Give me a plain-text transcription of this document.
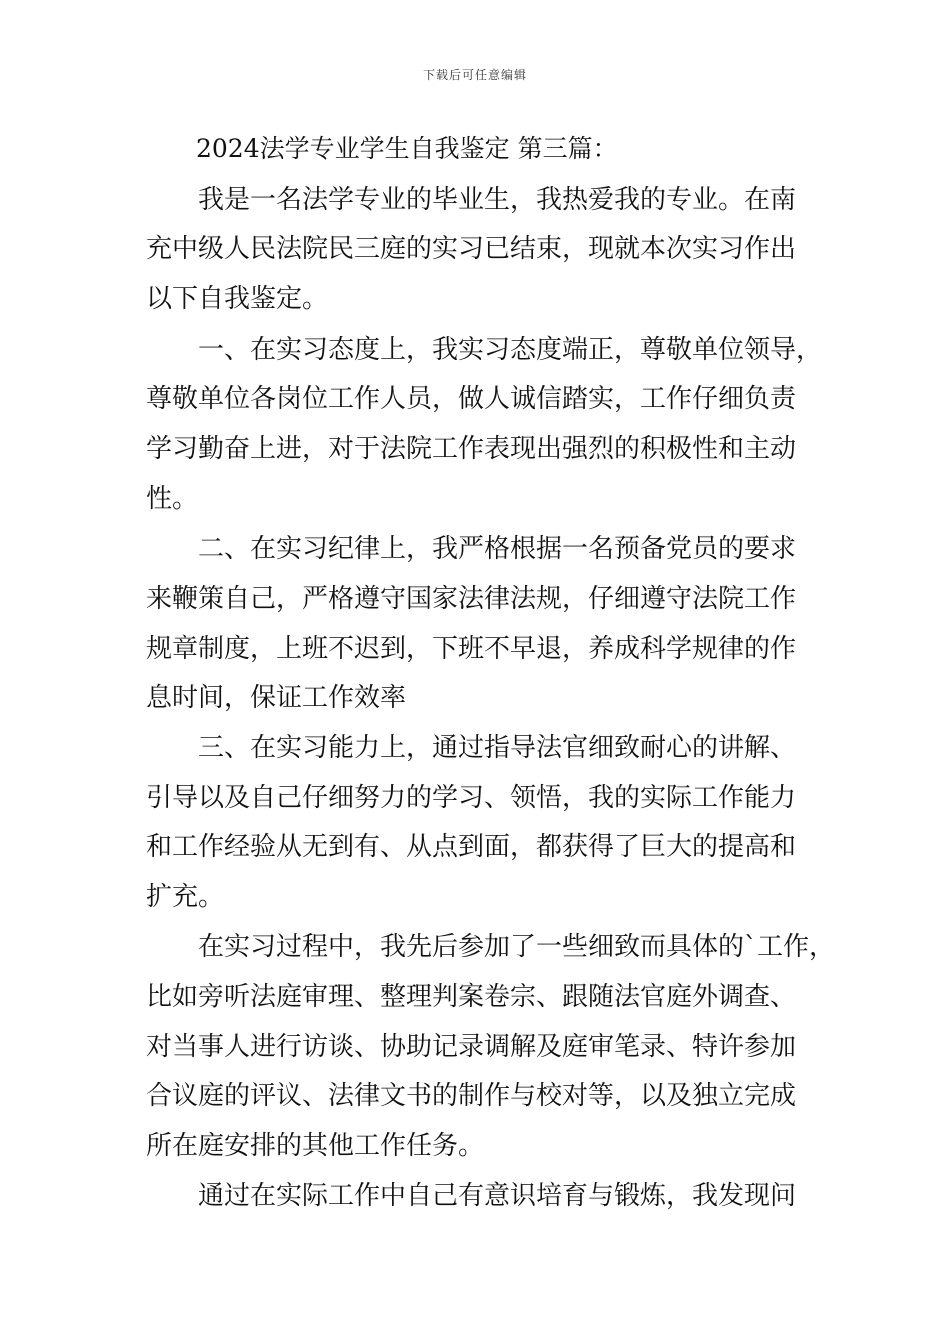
下载后可任意编辑
2024法学专业学生自我鉴定 第三篇：
我是一名法学专业的毕业生，我热爱我的专业。在南
充中级人民法院民三庭的实习已结束，现就本次实习作出
以下自我鉴定。
一、在实习态度上，我实习态度端正，尊敬单位领导，
尊敬单位各岗位工作人员，做人诚信踏实，工作仔细负责
学习勤奋上进，对于法院工作表现出强烈的积极性和主动
性。
二、在实习纪律上，我严格根据一名预备党员的要求
来鞭策自己，严格遵守国家法律法规，仔细遵守法院工作
规章制度，上班不迟到，下班不早退，养成科学规律的作
息时间，保证工作效率
三、在实习能力上，通过指导法官细致耐心的讲解、
引导以及自己仔细努力的学习、领悟，我的实际工作能力
和工作经验从无到有、从点到面，都获得了巨大的提高和
扩充。
在实习过程中，我先后参加了一些细致而具体的`工作，
比如旁听法庭审理、整理判案卷宗、跟随法官庭外调查、
对当事人进行访谈、协助记录调解及庭审笔录、特许参加
合议庭的评议、法律文书的制作与校对等，以及独立完成
所在庭安排的其他工作任务。
通过在实际工作中自己有意识培育与锻炼，我发现问
